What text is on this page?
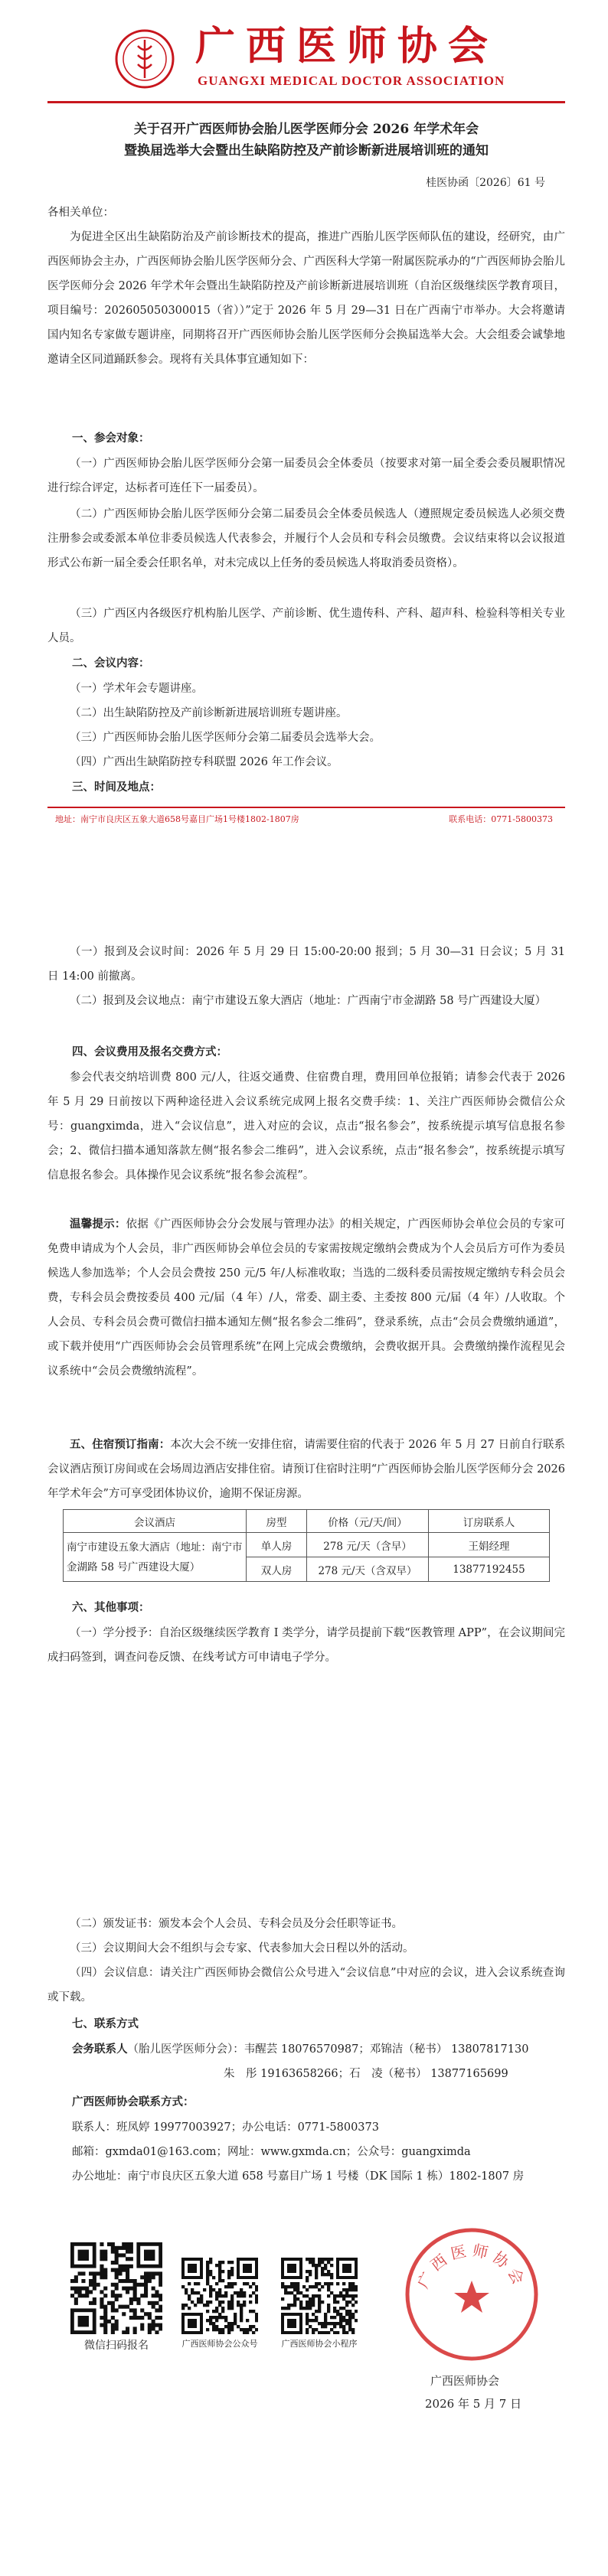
广西医师协会
GUANGXI MEDICAL DOCTOR ASSOCIATION
关于召开广西医师协会胎儿医学医师分会 2026 年学术年会
暨换届选举大会暨出生缺陷防控及产前诊断新进展培训班的通知
桂医协函〔2026〕61 号
各相关单位：
为促进全区出生缺陷防治及产前诊断技术的提高，推进广西胎儿医学医师队伍的建设，经研究，由广西医师协会主办，广西医师协会胎儿医学医师分会、广西医科大学第一附属医院承办的“广西医师协会胎儿医学医师分会 2026 年学术年会暨出生缺陷防控及产前诊断新进展培训班（自治区级继续医学教育项目，项目编号：202605050300015（省））”定于 2026 年 5 月 29—31 日在广西南宁市举办。大会将邀请国内知名专家做专题讲座，同期将召开广西医师协会胎儿医学医师分会换届选举大会。大会组委会诚挚地邀请全区同道踊跃参会。现将有关具体事宜通知如下：
一、参会对象：
（一）广西医师协会胎儿医学医师分会第一届委员会全体委员（按要求对第一届全委会委员履职情况进行综合评定，达标者可连任下一届委员）。
（二）广西医师协会胎儿医学医师分会第二届委员会全体委员候选人（遵照规定委员候选人必须交费注册参会或委派本单位非委员候选人代表参会，并履行个人会员和专科会员缴费。会议结束将以会议报道形式公布新一届全委会任职名单，对未完成以上任务的委员候选人将取消委员资格）。
（三）广西区内各级医疗机构胎儿医学、产前诊断、优生遗传科、产科、超声科、检验科等相关专业人员。
二、会议内容：
（一）学术年会专题讲座。
（二）出生缺陷防控及产前诊断新进展培训班专题讲座。
（三）广西医师协会胎儿医学医师分会第二届委员会选举大会。
（四）广西出生缺陷防控专科联盟 2026 年工作会议。
三、时间及地点：
地址：南宁市良庆区五象大道658号嘉目广场1号楼1802-1807房	联系电话：0771-5800373
（一）报到及会议时间：2026 年 5 月 29 日 15:00-20:00 报到；5 月 30—31 日会议；5 月 31 日 14:00 前撤离。
（二）报到及会议地点：南宁市建设五象大酒店（地址：广西南宁市金湖路 58 号广西建设大厦）
四、会议费用及报名交费方式：
参会代表交纳培训费 800 元/人，往返交通费、住宿费自理，费用回单位报销；请参会代表于 2026 年 5 月 29 日前按以下两种途径进入会议系统完成网上报名交费手续：1、关注广西医师协会微信公众号：guangximda，进入“会议信息”，进入对应的会议，点击“报名参会”，按系统提示填写信息报名参会；2、微信扫描本通知落款左侧“报名参会二维码”，进入会议系统，点击“报名参会”，按系统提示填写信息报名参会。具体操作见会议系统“报名参会流程”。
温馨提示：依据《广西医师协会分会发展与管理办法》的相关规定，广西医师协会单位会员的专家可免费申请成为个人会员，非广西医师协会单位会员的专家需按规定缴纳会费成为个人会员后方可作为委员候选人参加选举；个人会员会费按 250 元/5 年/人标准收取；当选的二级科委员需按规定缴纳专科会员会费，专科会员会费按委员 400 元/届（4 年）/人，常委、副主委、主委按 800 元/届（4 年）/人收取。个人会员、专科会员会费可微信扫描本通知左侧“报名参会二维码”，登录系统，点击“会员会费缴纳通道”，或下载并使用“广西医师协会会员管理系统”在网上完成会费缴纳，会费收据开具。会费缴纳操作流程见会议系统中“会员会费缴纳流程”。
五、住宿预订指南：本次大会不统一安排住宿，请需要住宿的代表于 2026 年 5 月 27 日前自行联系会议酒店预订房间或在会场周边酒店安排住宿。请预订住宿时注明“广西医师协会胎儿医学医师分会 2026 年学术年会”方可享受团体协议价，逾期不保证房源。
会议酒店	房型	价格（元/天/间）	订房联系人
南宁市建设五象大酒店（地址：南宁市金湖路 58 号广西建设大厦）	单人房	278 元/天（含早）	王娟经理
	双人房	278 元/天（含双早）	13877192455
六、其他事项：
（一）学分授予：自治区级继续医学教育 I 类学分，请学员提前下载“医教管理 APP”，在会议期间完成扫码签到，调查问卷反馈、在线考试方可申请电子学分。
（二）颁发证书：颁发本会个人会员、专科会员及分会任职等证书。
（三）会议期间大会不组织与会专家、代表参加大会日程以外的活动。
（四）会议信息：请关注广西医师协会微信公众号进入“会议信息”中对应的会议，进入会议系统查询或下载。
七、联系方式
会务联系人（胎儿医学医师分会）：韦醒芸 18076570987；邓锦洁（秘书） 13807817130
朱　彤 19163658266；石　凌（秘书） 13877165699
广西医师协会联系方式：
联系人：班凤婷 19977003927；办公电话：0771-5800373
邮箱：gxmda01@163.com；网址：www.gxmda.cn；公众号：guangximda
办公地址：南宁市良庆区五象大道 658 号嘉目广场 1 号楼（DK 国际 1 栋）1802-1807 房
微信扫码报名	广西医师协会公众号	广西医师协会小程序
广西医师协会
广西医师协会
2026 年 5 月 7 日
